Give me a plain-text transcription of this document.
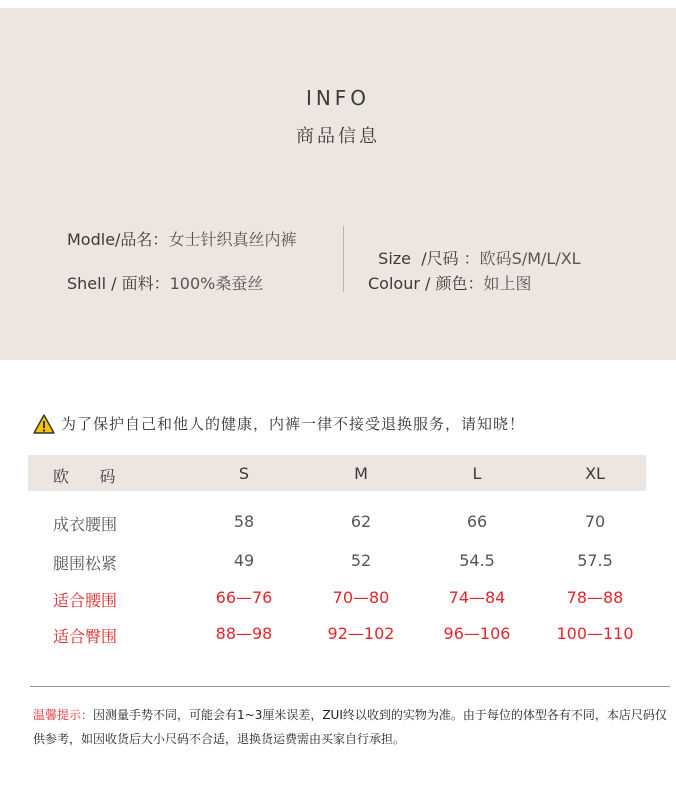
INFO
商品信息
Modle/品名：女士针织真丝内裤
Shell / 面料：100%桑蚕丝

Size  /尺码 ：欧码S/M/L/XL

Colour / 颜色：如上图
为了保护自己和他人的健康，内裤一律不接受退换服务，请知晓！
欧      码	S	M	L	XL
成衣腰围	58	62	66	70
腿围松紧	49	52	54.5	57.5
适合腰围	66—76	70—80	74—84	78—88
适合臀围	88—98	92—102	96—106	100—110
温馨提示：因测量手势不同，可能会有1~3厘米误差，ZUI终以收到的实物为准。由于每位的体型各有不同，本店尺码仅供参考，如因收货后大小尺码不合适，退换货运费需由买家自行承担。
